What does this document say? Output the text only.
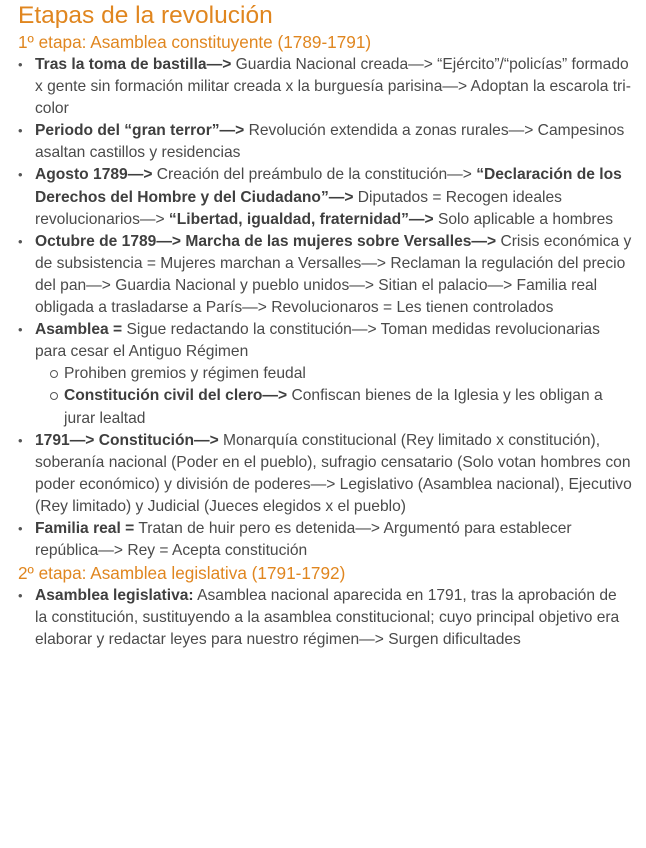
Etapas de la revolución
1º etapa: Asamblea constituyente (1789-1791)
• Tras la toma de bastilla—> Guardia Nacional creada—> “Ejército”/“policías” formado x gente sin formación militar creada x la burguesía parisina—> Adoptan la escarola tri-color
• Periodo del “gran terror”—> Revolución extendida a zonas rurales—> Campesinos asaltan castillos y residencias
• Agosto 1789—> Creación del preámbulo de la constitución—> “Declaración de los Derechos del Hombre y del Ciudadano”—> Diputados = Recogen ideales revolucionarios—> “Libertad, igualdad, fraternidad”—> Solo aplicable a hombres
• Octubre de 1789—> Marcha de las mujeres sobre Versalles—> Crisis económica y de subsistencia = Mujeres marchan a Versalles—> Reclaman la regulación del precio del pan—> Guardia Nacional y pueblo unidos—> Sitian el palacio—> Familia real obligada a trasladarse a París—> Revolucionaros = Les tienen controlados
• Asamblea = Sigue redactando la constitución—> Toman medidas revolucionarias para cesar el Antiguo Régimen
Prohiben gremios y régimen feudal
Constitución civil del clero—> Confiscan bienes de la Iglesia y les obligan a jurar lealtad
• 1791—> Constitución—> Monarquía constitucional (Rey limitado x constitución), soberanía nacional (Poder en el pueblo), sufragio censatario (Solo votan hombres con poder económico) y división de poderes—> Legislativo (Asamblea nacional), Ejecutivo (Rey limitado) y Judicial (Jueces elegidos x el pueblo)
• Familia real = Tratan de huir pero es detenida—> Argumentó para establecer república—> Rey = Acepta constitución
2º etapa: Asamblea legislativa (1791-1792)
• Asamblea legislativa: Asamblea nacional aparecida en 1791, tras la aprobación de la constitución, sustituyendo a la asamblea constitucional; cuyo principal objetivo era elaborar y redactar leyes para nuestro régimen—> Surgen dificultades
